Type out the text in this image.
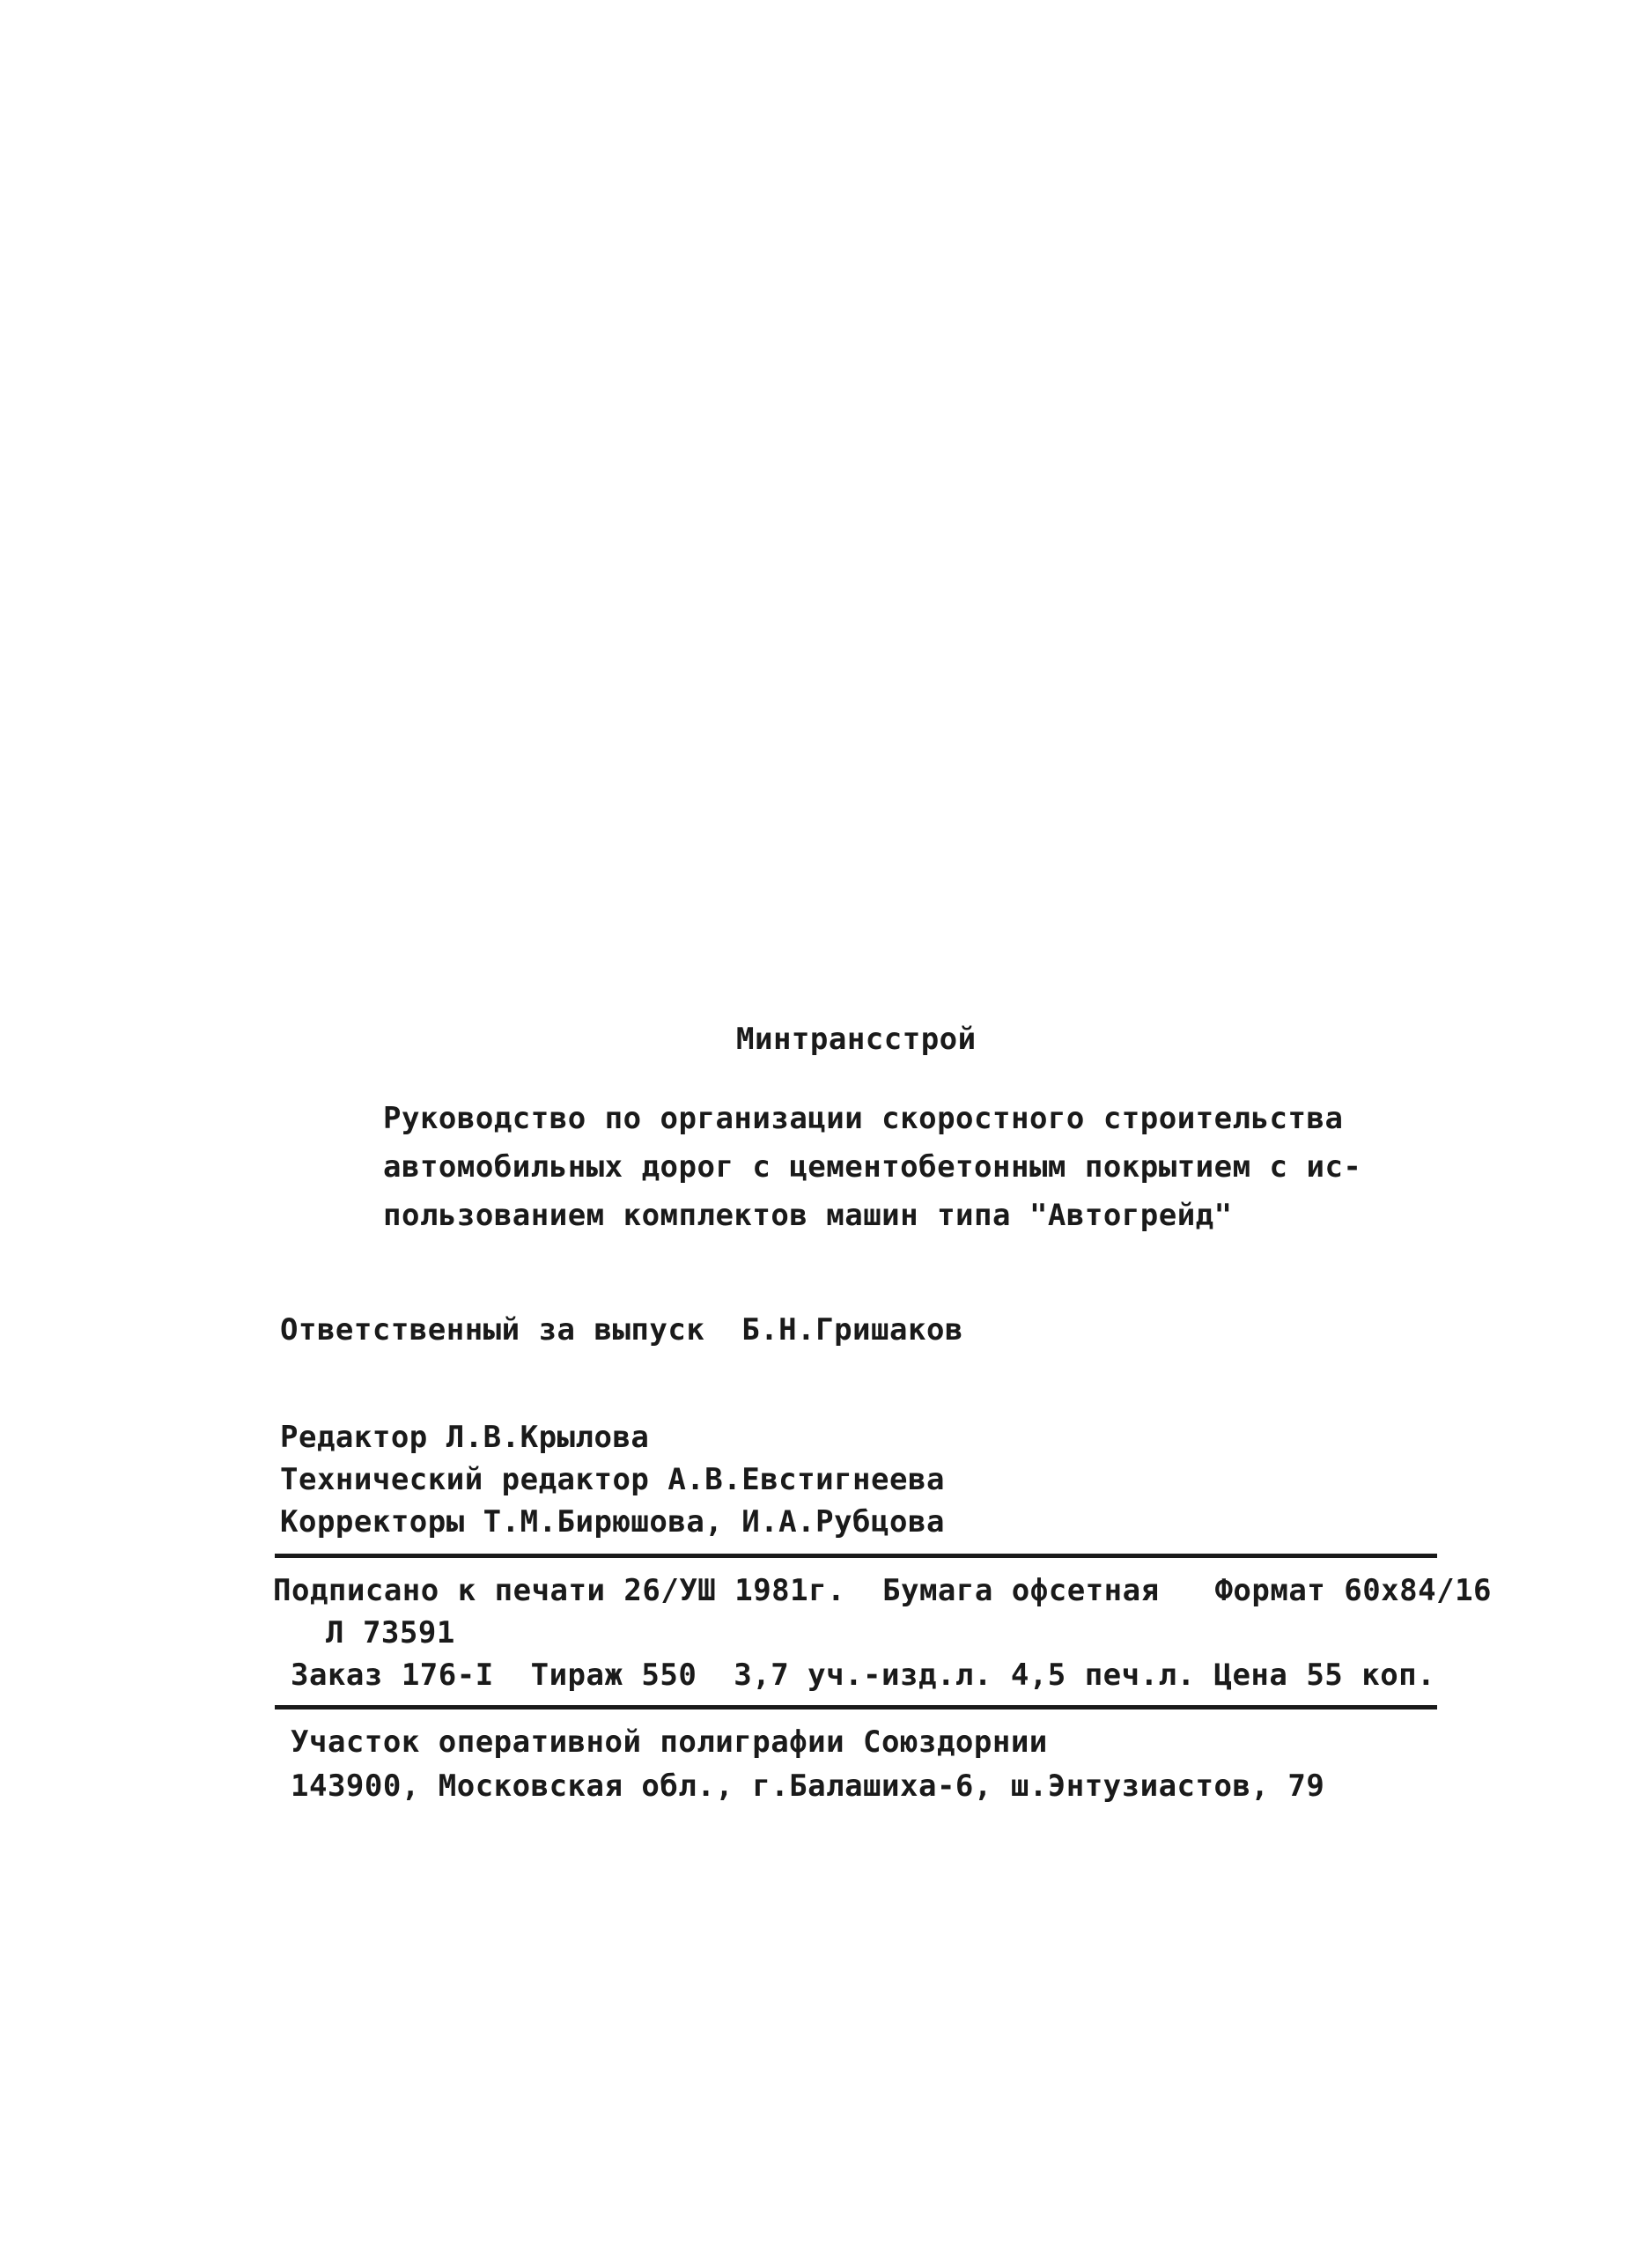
Минтрансстрой
Руководство по организации скоростного строительства
автомобильных дорог с цементобетонным покрытием с ис-
пользованием комплектов машин типа "Автогрейд"
Ответственный за выпуск  Б.Н.Гришаков
Редактор Л.В.Крылова
Технический редактор А.В.Евстигнеева
Корректоры Т.М.Бирюшова, И.А.Рубцова
Подписано к печати 26/УШ 1981г.  Бумага офсетная   Формат 60х84/16
Л 73591
Заказ 176-I  Тираж 550  3,7 уч.-изд.л. 4,5 печ.л. Цена 55 коп.
Участок оперативной полиграфии Союздорнии
143900, Московская обл., г.Балашиха-6, ш.Энтузиастов, 79
